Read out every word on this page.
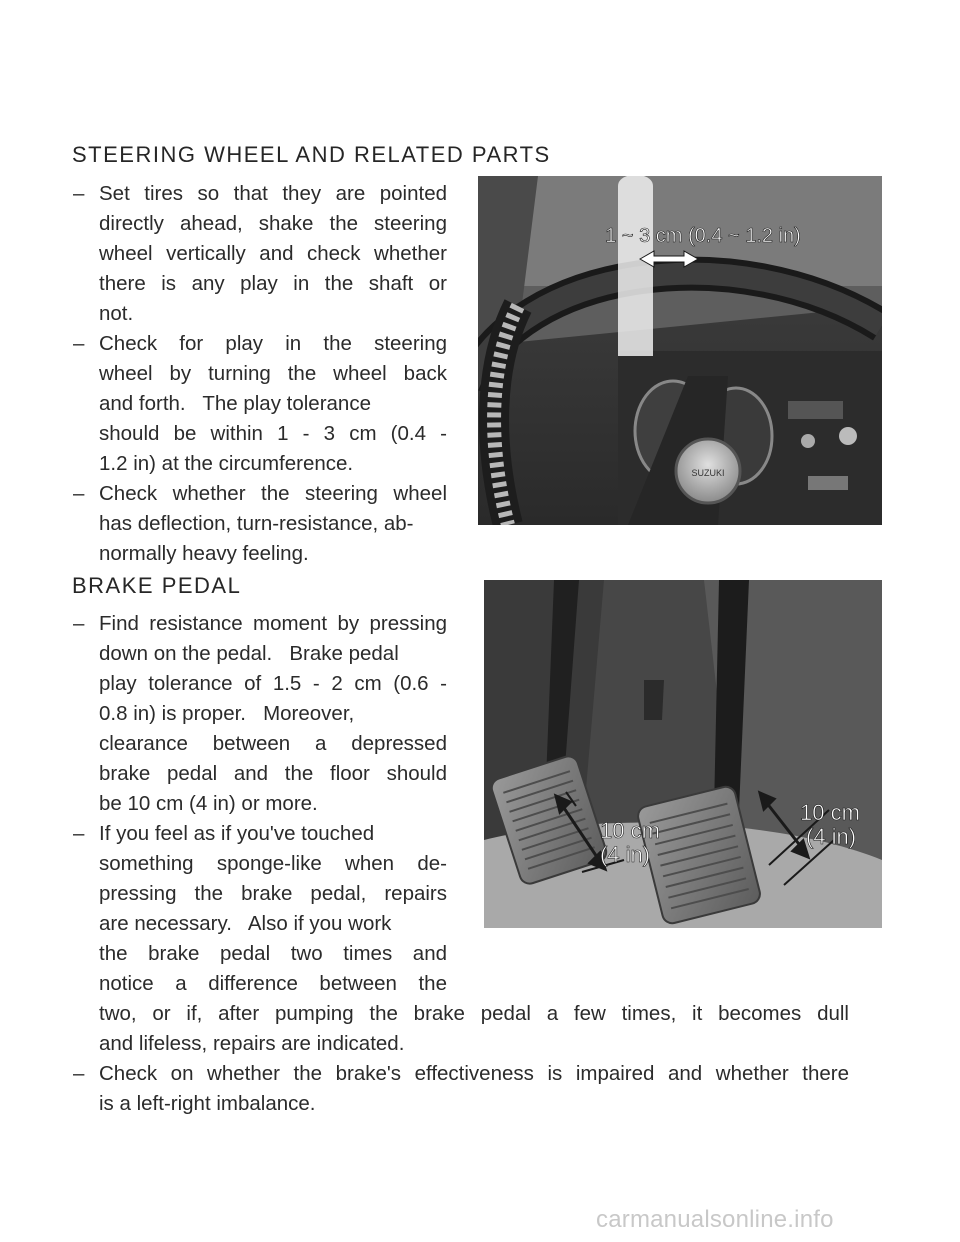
STEERING WHEEL AND RELATED PARTS
– Set tires so that they are pointed
directly ahead, shake the steering
wheel vertically and check whether
there is any play in the shaft or
not.
– Check for play in the steering
wheel by turning the wheel back
and forth.   The play tolerance
should be within 1 - 3 cm (0.4 -
1.2 in) at the circumference.
– Check whether the steering wheel
has deflection, turn-resistance, ab-
normally heavy feeling.
SUZUKI
1 ~ 3 cm (0.4 ~ 1.2 in)
BRAKE PEDAL
– Find resistance moment by pressing
down on the pedal.   Brake pedal
play tolerance of 1.5 - 2 cm (0.6 -
0.8 in) is proper.   Moreover,
clearance between a depressed
brake pedal and the floor should
be 10 cm (4 in) or more.
– If you feel as if you've touched
something sponge-like when de-
pressing the brake pedal, repairs
are necessary.   Also if you work
the brake pedal two times and
notice a difference between the
two, or if, after pumping the brake pedal a few times, it becomes dull
and lifeless, repairs are indicated.
– Check on whether the brake's effectiveness is impaired and whether there
is a left-right imbalance.
10 cm
(4 in)
10 cm
(4 in)
carmanualsonline.info
